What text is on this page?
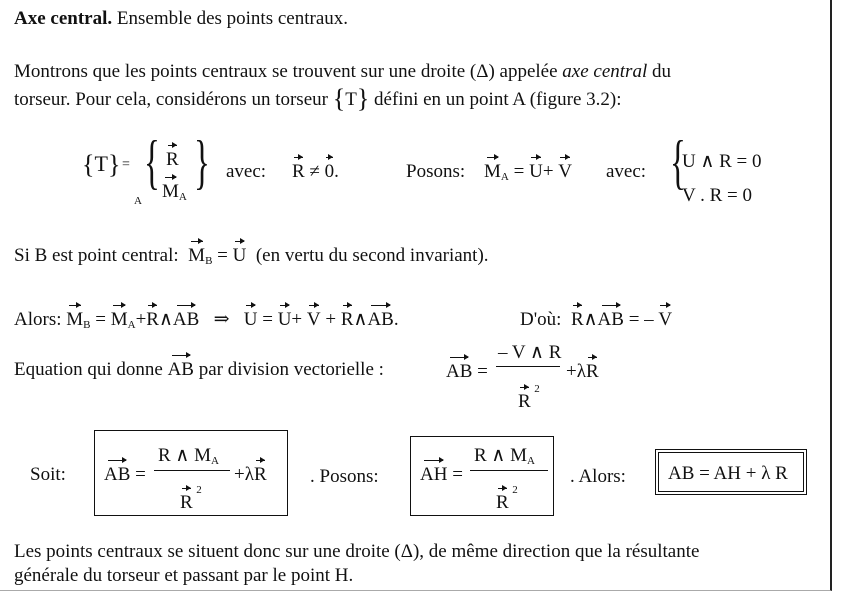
Axe central. Ensemble des points centraux.
Montrons que les points centraux se trouvent sur une droite (Δ) appelée axe central du
torseur. Pour cela, considérons un torseur {T} défini en un point A (figure 3.2):
{T} =
A
{ R
$M_A$
} avec: R ≠ 0.	Posons: $M_A = U+ V$ avec: {
U ∧ R = 0
V . R = 0
Si B est point central: $M_B = U$ (en vertu du second invariant).
Alors: $M_B$ = $M_A+R\wedge AB$ ⇒ U = U+ V + R∧AB.	D'où: R∧AB = – V
Equation qui donne AB par division vectorielle :	AB =
– V ∧ R
R
2
+λR
Soit: AB =
R ∧ $M_A$
R
2
+λR . Posons: AH =
R ∧ $M_A$
R
2
. Alors: AB = AH + λ R
Les points centraux se situent donc sur une droite (Δ), de même direction que la résultante
générale du torseur et passant par le point H.
